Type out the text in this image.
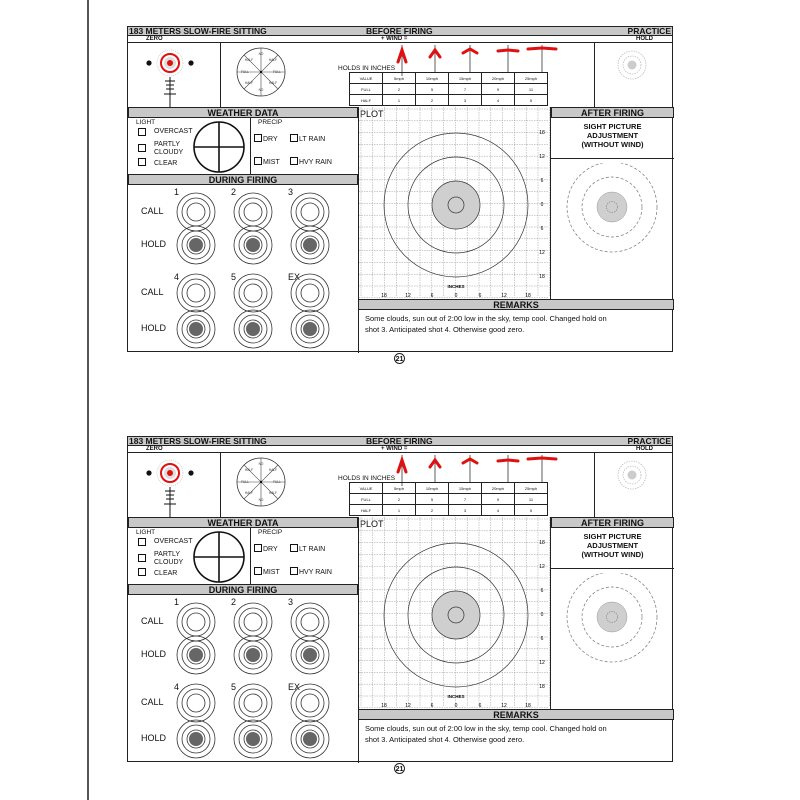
183 METERS SLOW-FIRE SITTING	BEFORE FIRING	PRACTICE
ZERO	+ WIND =	HOLD
NO
HALF
FULL
HALF
NO
HALF
FULL
HALF
HOLDS IN INCHES
VALUE	5mph	10mph	15mph	20mph	25mph
FULL	2	5	7	9	11
HALF	1	2	3	4	5
WEATHER DATA
LIGHT
OVERCAST
PARTLY
CLOUDY
CLEAR
PRECIP
DRY	LT RAIN
MIST	HVY RAIN
DURING FIRING
CALL
HOLD
1	2	3
CALL
HOLD
4	5	EX
PLOT
18
18
12
12
6
6
0
0
6
6
12
12
18
18
INCHES
AFTER FIRING
SIGHT PICTURE
ADJUSTMENT
(WITHOUT WIND)
REMARKS
Some clouds, sun out of 2:00 low in the sky, temp cool. Changed hold on
shot 3. Anticipated shot 4. Otherwise good zero.
21
183 METERS SLOW-FIRE SITTING	BEFORE FIRING	PRACTICE
ZERO	+ WIND =	HOLD
NO
HALF
FULL
HALF
NO
HALF
FULL
HALF
HOLDS IN INCHES
VALUE	5mph	10mph	15mph	20mph	25mph
FULL	2	5	7	9	11
HALF	1	2	3	4	5
WEATHER DATA
LIGHT
OVERCAST
PARTLY
CLOUDY
CLEAR
PRECIP
DRY	LT RAIN
MIST	HVY RAIN
DURING FIRING
CALL
HOLD
1	2	3
CALL
HOLD
4	5	EX
PLOT
18
18
12
12
6
6
0
0
6
6
12
12
18
18
INCHES
AFTER FIRING
SIGHT PICTURE
ADJUSTMENT
(WITHOUT WIND)
REMARKS
Some clouds, sun out of 2:00 low in the sky, temp cool. Changed hold on
shot 3. Anticipated shot 4. Otherwise good zero.
21
